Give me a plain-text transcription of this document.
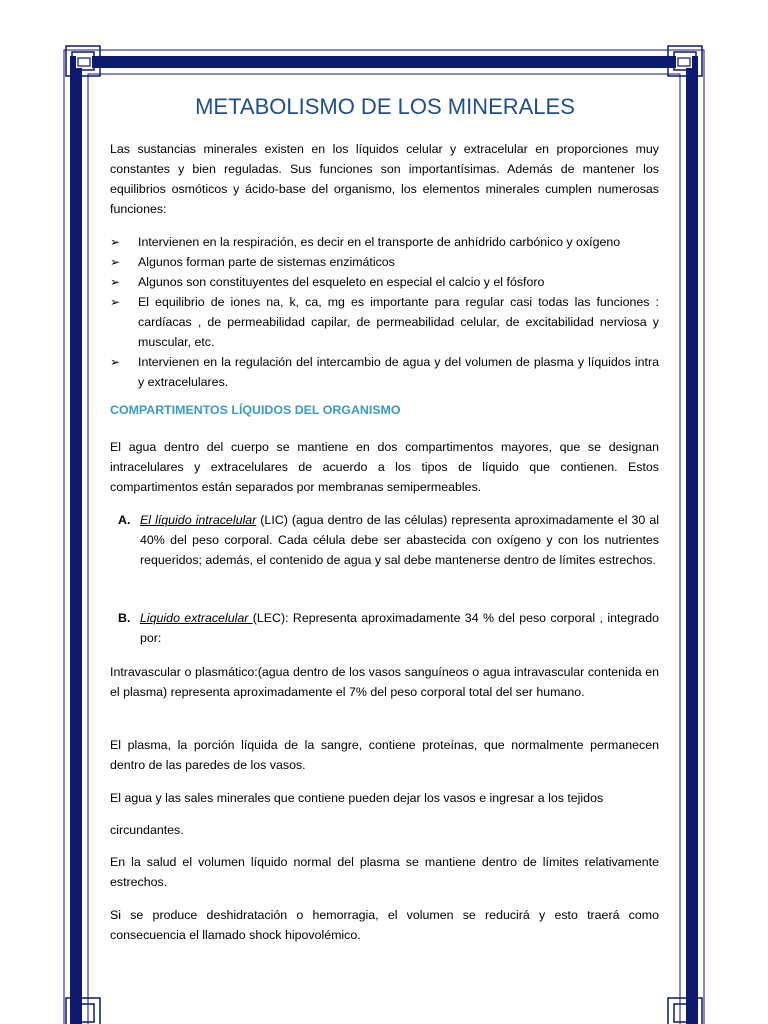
METABOLISMO DE LOS MINERALES

Las sustancias minerales existen en los líquidos celular y extracelular en proporciones muy constantes y bien reguladas. Sus funciones son importantísimas. Además de mantener los equilibrios osmóticos y ácido-base del organismo, los elementos minerales cumplen numerosas funciones:

➢ Intervienen en la respiración, es decir en el transporte de anhídrido carbónico y oxígeno
➢ Algunos forman parte de sistemas enzimáticos
➢ Algunos son constituyentes del esqueleto en especial el calcio y el fósforo
➢ El equilibrio de iones na, k, ca, mg es importante para regular casi todas las funciones : cardíacas , de permeabilidad capilar, de permeabilidad celular, de excitabilidad nerviosa y muscular, etc.
➢ Intervienen en la regulación del intercambio de agua y del volumen de plasma y líquidos intra y extracelulares.
COMPARTIMENTOS LÍQUIDOS DEL ORGANISMO

El agua dentro del cuerpo se mantiene en dos compartimentos mayores, que se designan intracelulares y extracelulares de acuerdo a los tipos de líquido que contienen. Estos compartimentos están separados por membranas semipermeables.

A. El líquido intracelular (LIC) (agua dentro de las células) representa aproximadamente el 30 al 40% del peso corporal. Cada célula debe ser abastecida con oxígeno y con los nutrientes requeridos; además, el contenido de agua y sal debe mantenerse dentro de límites estrechos.
B. Liquido extracelular (LEC): Representa aproximadamente 34 % del peso corporal , integrado por:

Intravascular o plasmático:(agua dentro de los vasos sanguíneos o agua intravascular contenida en el plasma) representa aproximadamente el 7% del peso corporal total del ser humano.

El plasma, la porción líquida de la sangre, contiene proteínas, que normalmente permanecen dentro de las paredes de los vasos.

El agua y las sales minerales que contiene pueden dejar los vasos e ingresar a los tejidos

circundantes.

En la salud el volumen líquido normal del plasma se mantiene dentro de límites relativamente estrechos.

Si se produce deshidratación o hemorragia, el volumen se reducirá y esto traerá como consecuencia el llamado shock hipovolémico.
